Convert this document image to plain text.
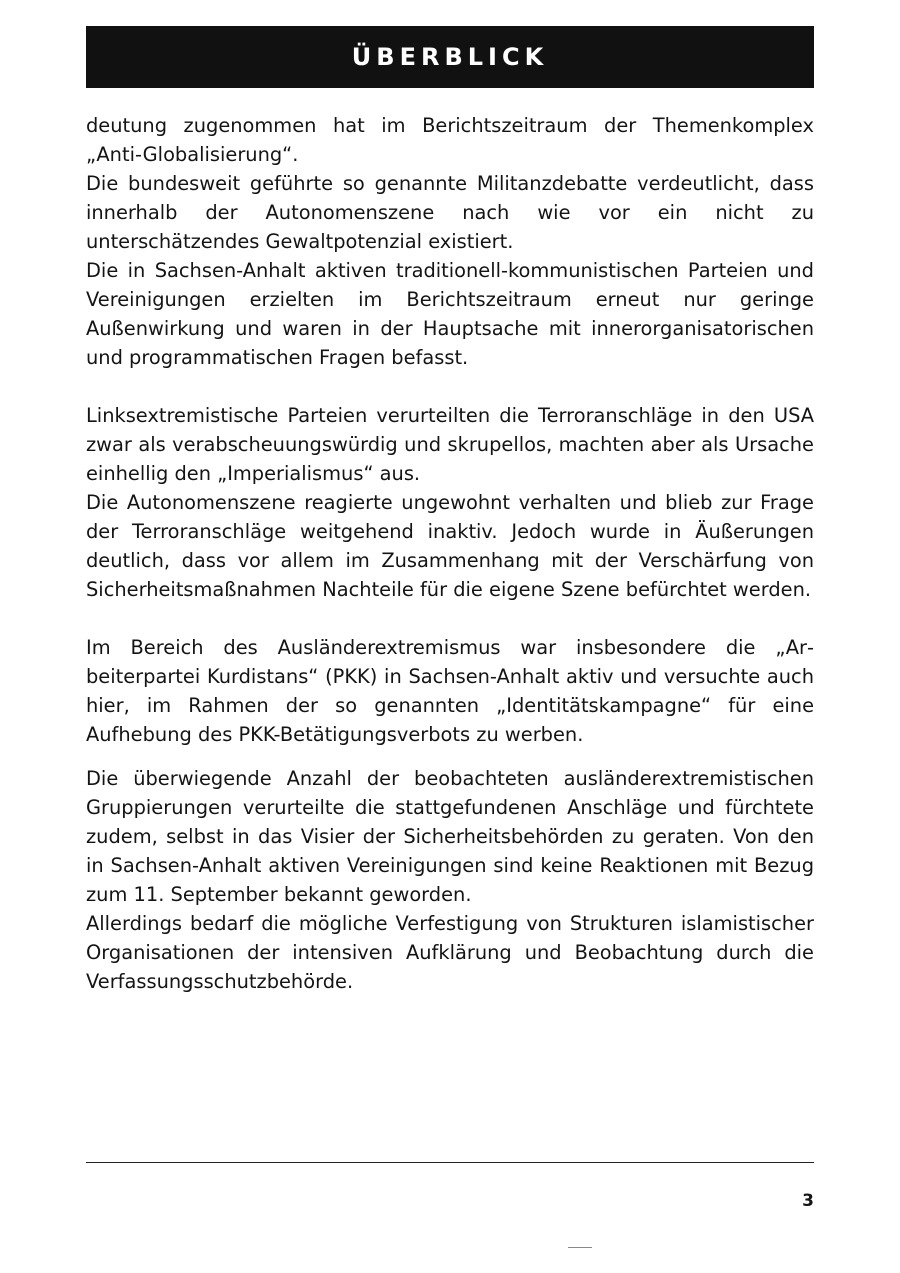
ÜBERBLICK

deutung zugenommen hat im Berichtszeitraum der Themenkomplex „Anti-Globalisierung“.

Die bundesweit geführte so genannte Militanzdebatte verdeutlicht, dass innerhalb der Autonomenszene nach wie vor ein nicht zu unterschätzendes Gewaltpotenzial existiert.

Die in Sachsen-Anhalt aktiven traditionell-kommunistischen Parteien und Vereinigungen erzielten im Berichtszeitraum erneut nur geringe Außenwirkung und waren in der Hauptsache mit innerorganisatorischen und programmatischen Fragen befasst.

Linksextremistische Parteien verurteilten die Terroranschläge in den USA zwar als verabscheuungswürdig und skrupellos, machten aber als Ursache einhellig den „Imperialismus“ aus.

Die Autonomenszene reagierte ungewohnt verhalten und blieb zur Frage der Terroranschläge weitgehend inaktiv. Jedoch wurde in Äußerungen deutlich, dass vor allem im Zusammenhang mit der Verschärfung von Sicherheitsmaßnahmen Nachteile für die eigene Szene befürchtet werden.

Im Bereich des Ausländerextremismus war insbesondere die „Arbeiterpartei Kurdistans“ (PKK) in Sachsen-Anhalt aktiv und versuchte auch hier, im Rahmen der so genannten „Identitätskampagne“ für eine Aufhebung des PKK-Betätigungsverbots zu werben.

Die überwiegende Anzahl der beobachteten ausländerextremistischen Gruppierungen verurteilte die stattgefundenen Anschläge und fürchtete zudem, selbst in das Visier der Sicherheitsbehörden zu geraten. Von den in Sachsen-Anhalt aktiven Vereinigungen sind keine Reaktionen mit Bezug zum 11. September bekannt geworden.

Allerdings bedarf die mögliche Verfestigung von Strukturen islamistischer Organisationen der intensiven Aufklärung und Beobachtung durch die Verfassungsschutzbehörde.

3
